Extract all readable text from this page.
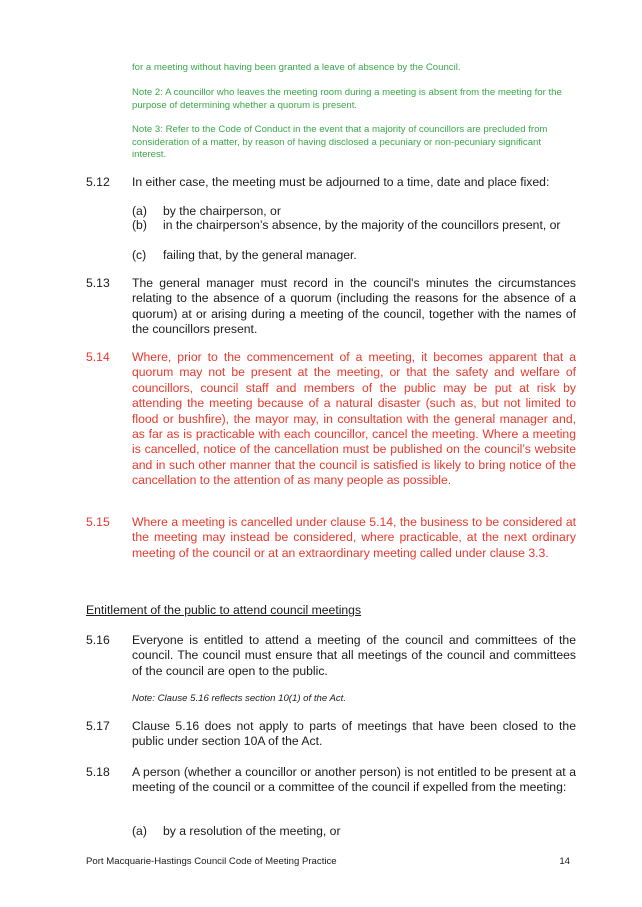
for a meeting without having been granted a leave of absence by the Council.
Note 2: A councillor who leaves the meeting room during a meeting is absent from the meeting for the purpose of determining whether a quorum is present.
Note 3: Refer to the Code of Conduct in the event that a majority of councillors are precluded from consideration of a matter, by reason of having disclosed a pecuniary or non-pecuniary significant interest.
5.12 In either case, the meeting must be adjourned to a time, date and place fixed:
(a) by the chairperson, or
(b) in the chairperson’s absence, by the majority of the councillors present, or
(c) failing that, by the general manager.
5.13 The general manager must record in the council's minutes the circumstances relating to the absence of a quorum (including the reasons for the absence of a quorum) at or arising during a meeting of the council, together with the names of the councillors present.
5.14 Where, prior to the commencement of a meeting, it becomes apparent that a quorum may not be present at the meeting, or that the safety and welfare of councillors, council staff and members of the public may be put at risk by attending the meeting because of a natural disaster (such as, but not limited to flood or bushfire), the mayor may, in consultation with the general manager and, as far as is practicable with each councillor, cancel the meeting. Where a meeting is cancelled, notice of the cancellation must be published on the council’s website and in such other manner that the council is satisfied is likely to bring notice of the cancellation to the attention of as many people as possible.
5.15 Where a meeting is cancelled under clause 5.14, the business to be considered at the meeting may instead be considered, where practicable, at the next ordinary meeting of the council or at an extraordinary meeting called under clause 3.3.
Entitlement of the public to attend council meetings
5.16 Everyone is entitled to attend a meeting of the council and committees of the council. The council must ensure that all meetings of the council and committees of the council are open to the public.
Note: Clause 5.16 reflects section 10(1) of the Act.
5.17 Clause 5.16 does not apply to parts of meetings that have been closed to the public under section 10A of the Act.
5.18 A person (whether a councillor or another person) is not entitled to be present at a meeting of the council or a committee of the council if expelled from the meeting:
(a) by a resolution of the meeting, or
Port Macquarie-Hastings Council Code of Meeting Practice	14
